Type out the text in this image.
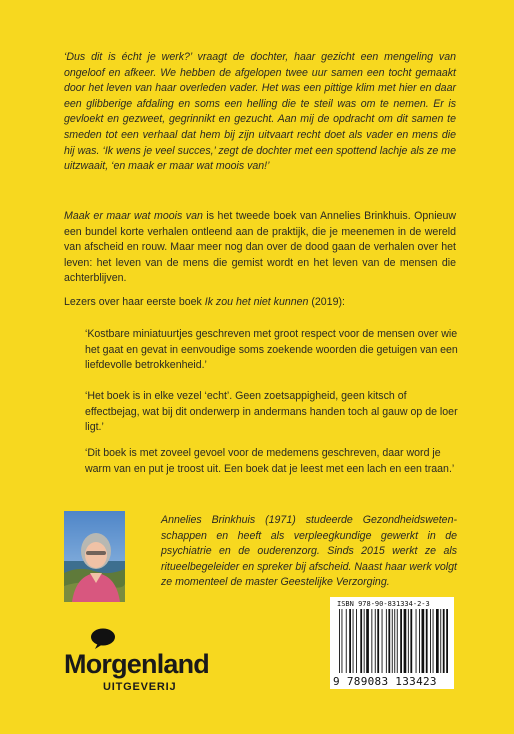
‘Dus dit is écht je werk?’ vraagt de dochter, haar gezicht een mengeling van ongeloof en afkeer. We hebben de afgelopen twee uur samen een tocht gemaakt door het leven van haar overleden vader. Het was een pittige klim met hier en daar een glibberige afdaling en soms een helling die te steil was om te nemen. Er is gevloekt en gezweet, gegrinnikt en gezucht. Aan mij de opdracht om dit samen te smeden tot een verhaal dat hem bij zijn uitvaart recht doet als vader en mens die hij was. ‘Ik wens je veel succes,’ zegt de dochter met een spottend lachje als ze me uitzwaait, ‘en maak er maar wat moois van!’
Maak er maar wat moois van is het tweede boek van Annelies Brinkhuis. Opnieuw een bundel korte verhalen ontleend aan de praktijk, die je meenemen in de wereld van afscheid en rouw. Maar meer nog dan over de dood gaan de verhalen over het leven: het leven van de mens die gemist wordt en het leven van de mensen die achterblijven.
Lezers over haar eerste boek Ik zou het niet kunnen (2019):
‘Kostbare miniatuurtjes geschreven met groot respect voor de mensen over wie het gaat en gevat in eenvoudige soms zoekende woorden die getuigen van een liefdevolle betrokkenheid.’
‘Het boek is in elke vezel ‘echt’. Geen zoetsappigheid, geen kitsch of effectbejag, wat bij dit onderwerp in andermans handen toch al gauw op de loer ligt.’
‘Dit boek is met zoveel gevoel voor de medemens geschreven, daar word je warm van en put je troost uit. Een boek dat je leest met een lach en een traan.’
Annelies Brinkhuis (1971) studeerde Gezondheidsweten-schappen en heeft als verpleegkundige gewerkt in de psychiatrie en de ouderenzorg. Sinds 2015 werkt ze als ritueelbegeleider en spreker bij afscheid. Naast haar werk volgt ze momenteel de master Geestelijke Verzorging.
Morgenland
UITGEVERIJ
ISBN 978-90-831334-2-3
9 789083 133423
